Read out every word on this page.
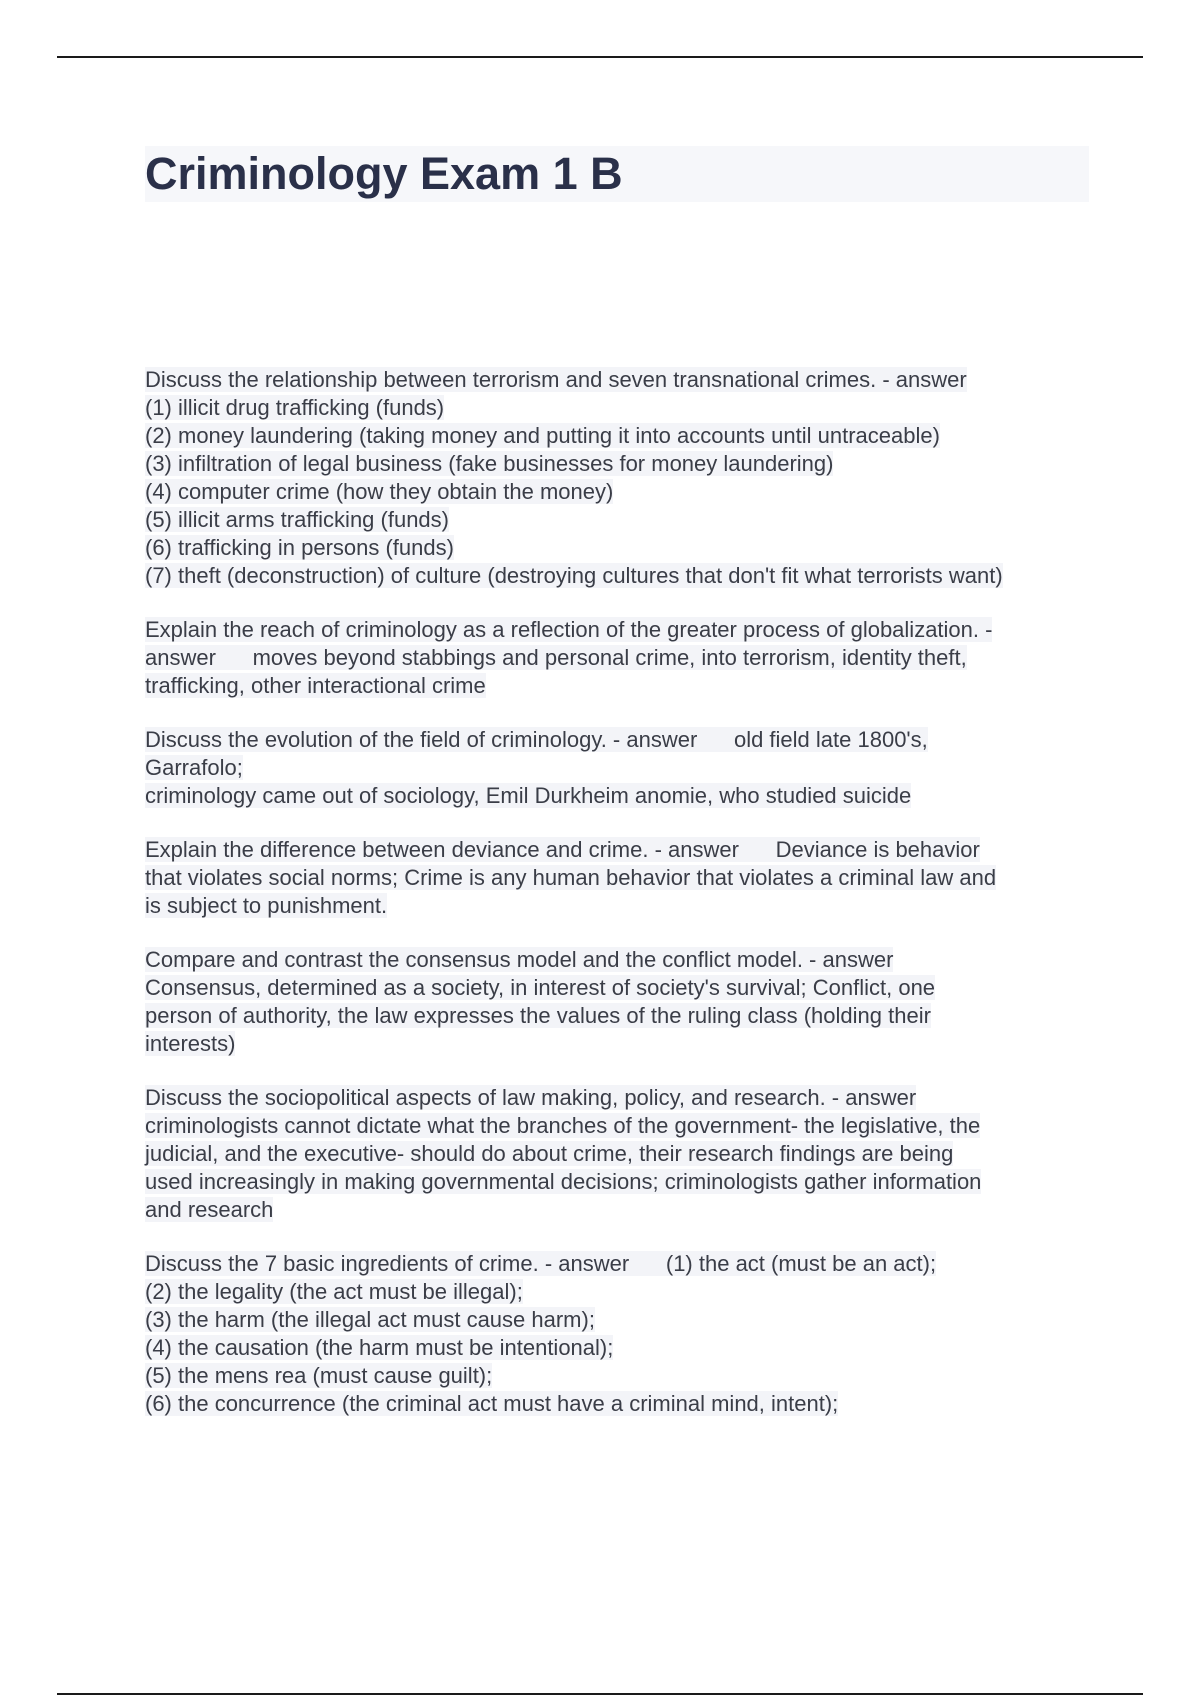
Criminology Exam 1 B
Discuss the relationship between terrorism and seven transnational crimes. - answer
(1) illicit drug trafficking (funds)
(2) money laundering (taking money and putting it into accounts until untraceable)
(3) infiltration of legal business (fake businesses for money laundering)
(4) computer crime (how they obtain the money)
(5) illicit arms trafficking (funds)
(6) trafficking in persons (funds)
(7) theft (deconstruction) of culture (destroying cultures that don't fit what terrorists want)
Explain the reach of criminology as a reflection of the greater process of globalization. -
answer      moves beyond stabbings and personal crime, into terrorism, identity theft,
trafficking, other interactional crime
Discuss the evolution of the field of criminology. - answer      old field late 1800's,
Garrafolo;
criminology came out of sociology, Emil Durkheim anomie, who studied suicide
Explain the difference between deviance and crime. - answer      Deviance is behavior
that violates social norms; Crime is any human behavior that violates a criminal law and
is subject to punishment.
Compare and contrast the consensus model and the conflict model. - answer
Consensus, determined as a society, in interest of society's survival; Conflict, one
person of authority, the law expresses the values of the ruling class (holding their
interests)
Discuss the sociopolitical aspects of law making, policy, and research. - answer
criminologists cannot dictate what the branches of the government- the legislative, the
judicial, and the executive- should do about crime, their research findings are being
used increasingly in making governmental decisions; criminologists gather information
and research
Discuss the 7 basic ingredients of crime. - answer      (1) the act (must be an act);
(2) the legality (the act must be illegal);
(3) the harm (the illegal act must cause harm);
(4) the causation (the harm must be intentional);
(5) the mens rea (must cause guilt);
(6) the concurrence (the criminal act must have a criminal mind, intent);
